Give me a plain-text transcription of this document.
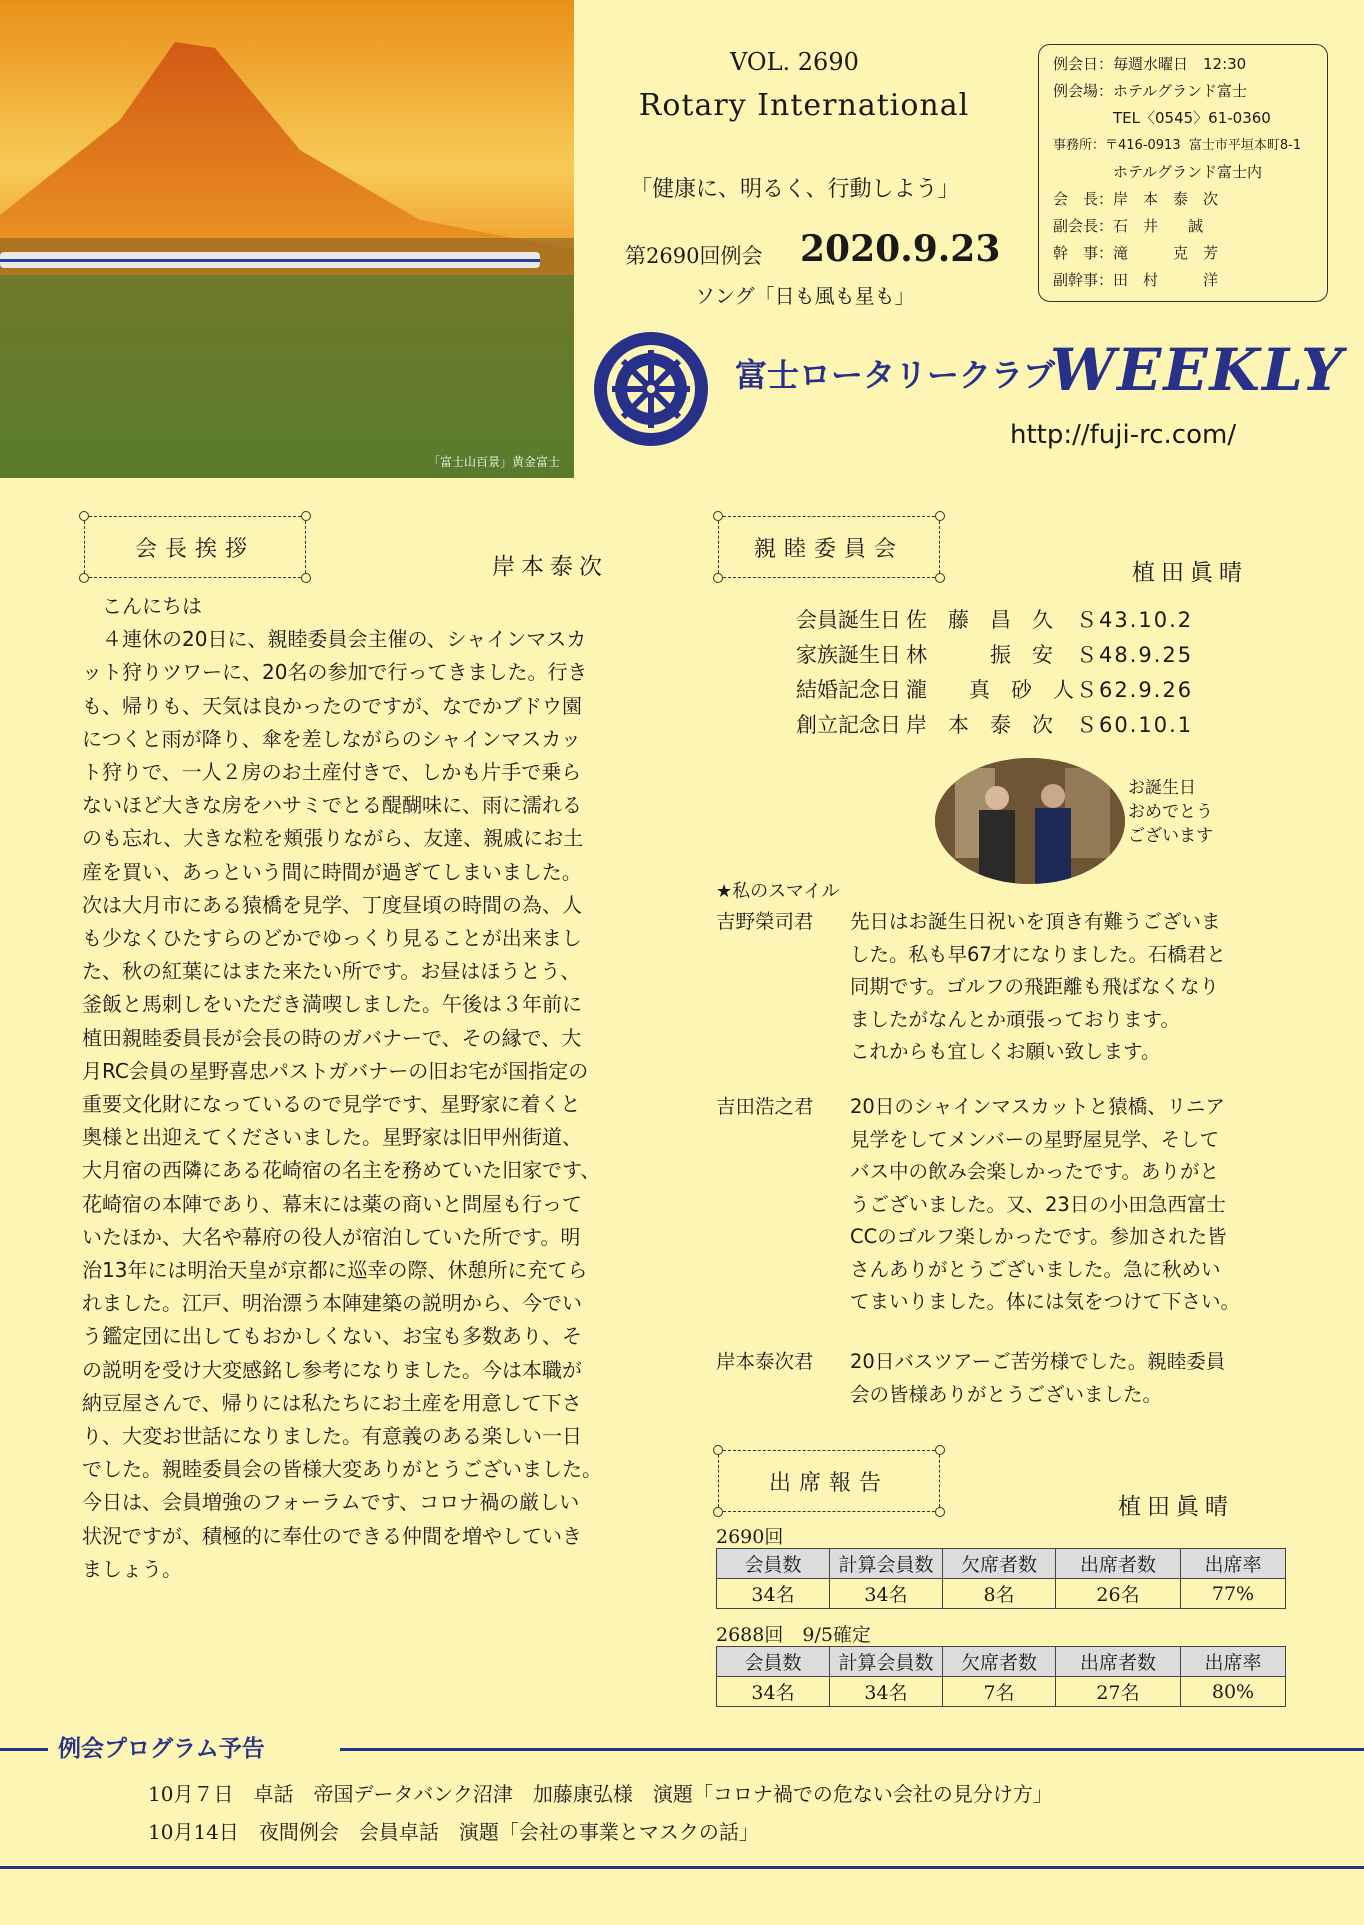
「富士山百景」黄金富士
VOL. 2690
Rotary International
「健康に、明るく、行動しよう」
第2690回例会 2020.9.23
ソング「日も風も星も」
例会日：毎週水曜日　12:30
例会場：ホテルグランド富士
　　　　TEL〈0545〉61-0360
事務所：〒416-0913  富士市平垣本町8-1
　　　　ホテルグランド富士内
会　長：岸　本　泰　次
副会長：石　井　　誠
幹　事：滝　　　克　芳
副幹事：田　村　　　洋
富士ロータリークラブ
WEEKLY
http://fuji-rc.com/
会長挨拶
岸本泰次
　こんにちは
　４連休の20日に、親睦委員会主催の、シャインマスカ
ット狩りツワーに、20名の参加で行ってきました。行き
も、帰りも、天気は良かったのですが、なでかブドウ園
につくと雨が降り、傘を差しながらのシャインマスカッ
ト狩りで、一人２房のお土産付きで、しかも片手で乗ら
ないほど大きな房をハサミでとる醍醐味に、雨に濡れる
のも忘れ、大きな粒を頬張りながら、友達、親戚にお土
産を買い、あっという間に時間が過ぎてしまいました。
次は大月市にある猿橋を見学、丁度昼頃の時間の為、人
も少なくひたすらのどかでゆっくり見ることが出来まし
た、秋の紅葉にはまた来たい所です。お昼はほうとう、
釜飯と馬刺しをいただき満喫しました。午後は３年前に
植田親睦委員長が会長の時のガバナーで、その縁で、大
月RC会員の星野喜忠パストガバナーの旧お宅が国指定の
重要文化財になっているので見学です、星野家に着くと
奥様と出迎えてくださいました。星野家は旧甲州街道、
大月宿の西隣にある花崎宿の名主を務めていた旧家です、
花崎宿の本陣であり、幕末には薬の商いと問屋も行って
いたほか、大名や幕府の役人が宿泊していた所です。明
治13年には明治天皇が京都に巡幸の際、休憩所に充てら
れました。江戸、明治漂う本陣建築の説明から、今でい
う鑑定団に出してもおかしくない、お宝も多数あり、そ
の説明を受け大変感銘し参考になりました。今は本職が
納豆屋さんで、帰りには私たちにお土産を用意して下さ
り、大変お世話になりました。有意義のある楽しい一日
でした。親睦委員会の皆様大変ありがとうございました。
今日は、会員増強のフォーラムです、コロナ禍の厳しい
状況ですが、積極的に奉仕のできる仲間を増やしていき
ましょう。
親睦委員会
植田眞晴
会員誕生日 佐　藤　昌　久	Ｓ43.10.2
家族誕生日 林　　　振　安	Ｓ48.9.25
結婚記念日 瀧　　真　砂　人 Ｓ62.9.26
創立記念日 岸　本　泰　次	Ｓ60.10.1
お誕生日
おめでとう
ございます
★私のスマイル
吉野榮司君 先日はお誕生日祝いを頂き有難うございま
した。私も早67才になりました。石橋君と
同期です。ゴルフの飛距離も飛ばなくなり
ましたがなんとか頑張っております。
これからも宜しくお願い致します。
吉田浩之君 20日のシャインマスカットと猿橋、リニア
見学をしてメンバーの星野屋見学、そして
バス中の飲み会楽しかったです。ありがと
うございました。又、23日の小田急西富士
CCのゴルフ楽しかったです。参加された皆
さんありがとうございました。急に秋めい
てまいりました。体には気をつけて下さい。
岸本泰次君 20日バスツアーご苦労様でした。親睦委員
会の皆様ありがとうございました。
出席報告
植田眞晴
2690回
会員数	計算会員数	欠席者数	出席者数	出席率
34名	34名	8名	26名	77%
2688回　9/5確定
会員数	計算会員数	欠席者数	出席者数	出席率
34名	34名	7名	27名	80%
例会プログラム予告
10月７日　卓話　帝国データバンク沼津　加藤康弘様　演題「コロナ禍での危ない会社の見分け方」
10月14日　夜間例会　会員卓話　演題「会社の事業とマスクの話」
